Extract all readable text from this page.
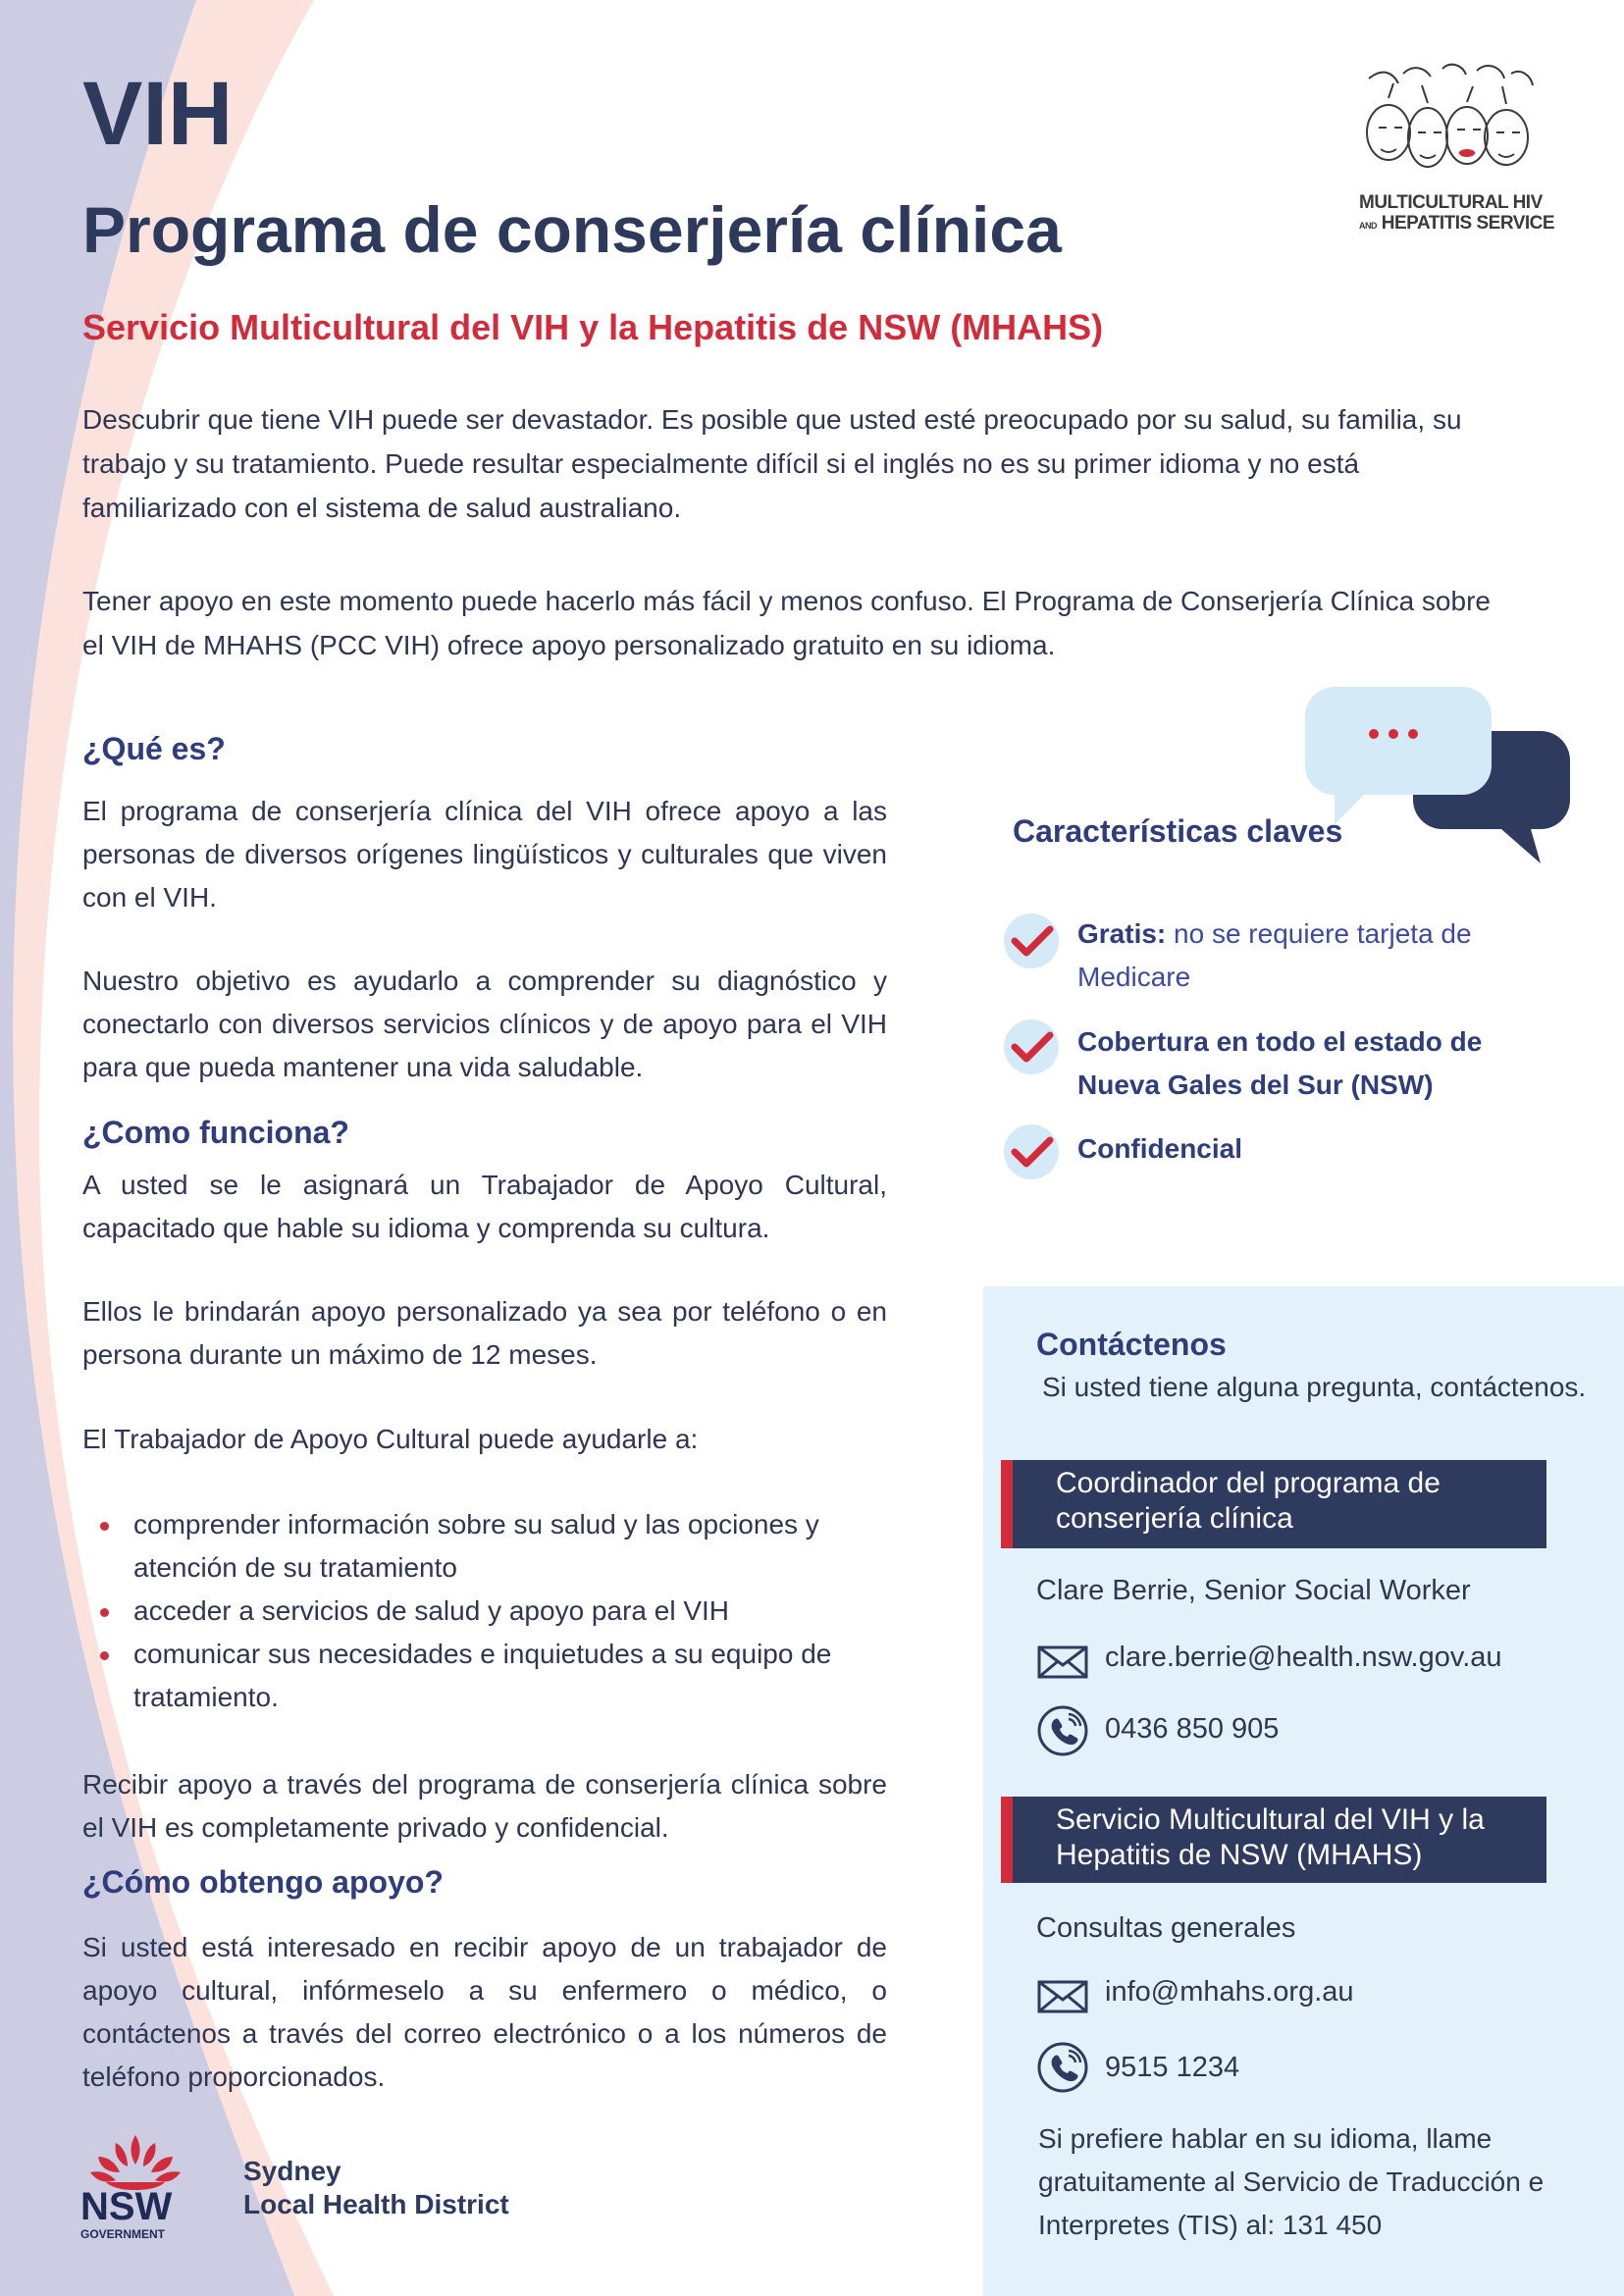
VIH
Programa de conserjería clínica

Servicio Multicultural del VIH y la Hepatitis de NSW (MHAHS)

MULTICULTURAL HIV
AND HEPATITIS SERVICE

Descubrir que tiene VIH puede ser devastador. Es posible que usted esté preocupado por su salud, su familia, su trabajo y su tratamiento. Puede resultar especialmente difícil si el inglés no es su primer idioma y no está familiarizado con el sistema de salud australiano.

Tener apoyo en este momento puede hacerlo más fácil y menos confuso. El Programa de Conserjería Clínica sobre el VIH de MHAHS (PCC VIH) ofrece apoyo personalizado gratuito en su idioma.

¿Qué es?

El programa de conserjería clínica del VIH ofrece apoyo a las personas de diversos orígenes lingüísticos y culturales que viven con el VIH.

Nuestro objetivo es ayudarlo a comprender su diagnóstico y conectarlo con diversos servicios clínicos y de apoyo para el VIH para que pueda mantener una vida saludable.

¿Como funciona?

A usted se le asignará un Trabajador de Apoyo Cultural, capacitado que hable su idioma y comprenda su cultura.

Ellos le brindarán apoyo personalizado ya sea por teléfono o en persona durante un máximo de 12 meses.

El Trabajador de Apoyo Cultural puede ayudarle a:

comprender información sobre su salud y las opciones y atención de su tratamiento
acceder a servicios de salud y apoyo para el VIH
comunicar sus necesidades e inquietudes a su equipo de tratamiento.

Recibir apoyo a través del programa de conserjería clínica sobre el VIH es completamente privado y confidencial.

¿Cómo obtengo apoyo?

Si usted está interesado en recibir apoyo de un trabajador de apoyo cultural, infórmeselo a su enfermero o médico, o contáctenos a través del correo electrónico o a los números de teléfono proporcionados.

Características claves

Gratis: no se requiere tarjeta de Medicare

Cobertura en todo el estado de Nueva Gales del Sur (NSW)

Confidencial

Contáctenos

Si usted tiene alguna pregunta, contáctenos.

Coordinador del programa de conserjería clínica

Clare Berrie, Senior Social Worker

clare.berrie@health.nsw.gov.au

0436 850 905

Servicio Multicultural del VIH y la Hepatitis de NSW (MHAHS)

Consultas generales

info@mhahs.org.au

9515 1234

Si prefiere hablar en su idioma, llame gratuitamente al Servicio de Traducción e Interpretes (TIS) al: 131 450

NSW

GOVERNMENT

Sydney
Local Health District
